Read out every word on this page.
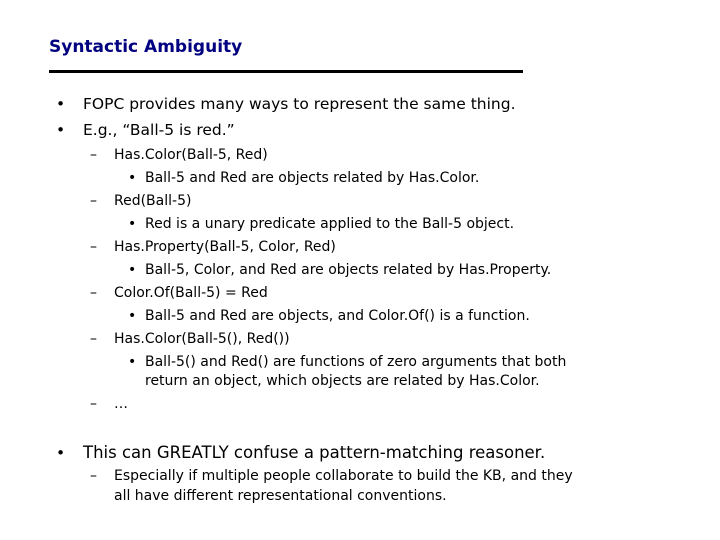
Syntactic Ambiguity
• FOPC provides many ways to represent the same thing.
• E.g., “Ball-5 is red.”
– Has.Color(Ball-5, Red)
• Ball-5 and Red are objects related by Has.Color.
– Red(Ball-5)
• Red is a unary predicate applied to the Ball-5 object.
– Has.Property(Ball-5, Color, Red)
• Ball-5, Color, and Red are objects related by Has.Property.
– Color.Of(Ball-5) = Red
• Ball-5 and Red are objects, and Color.Of() is a function.
– Has.Color(Ball-5(), Red())
• Ball-5() and Red() are functions of zero arguments that both
return an object, which objects are related by Has.Color.
– …
• This can GREATLY confuse a pattern-matching reasoner.
– Especially if multiple people collaborate to build the KB, and they
all have different representational conventions.
